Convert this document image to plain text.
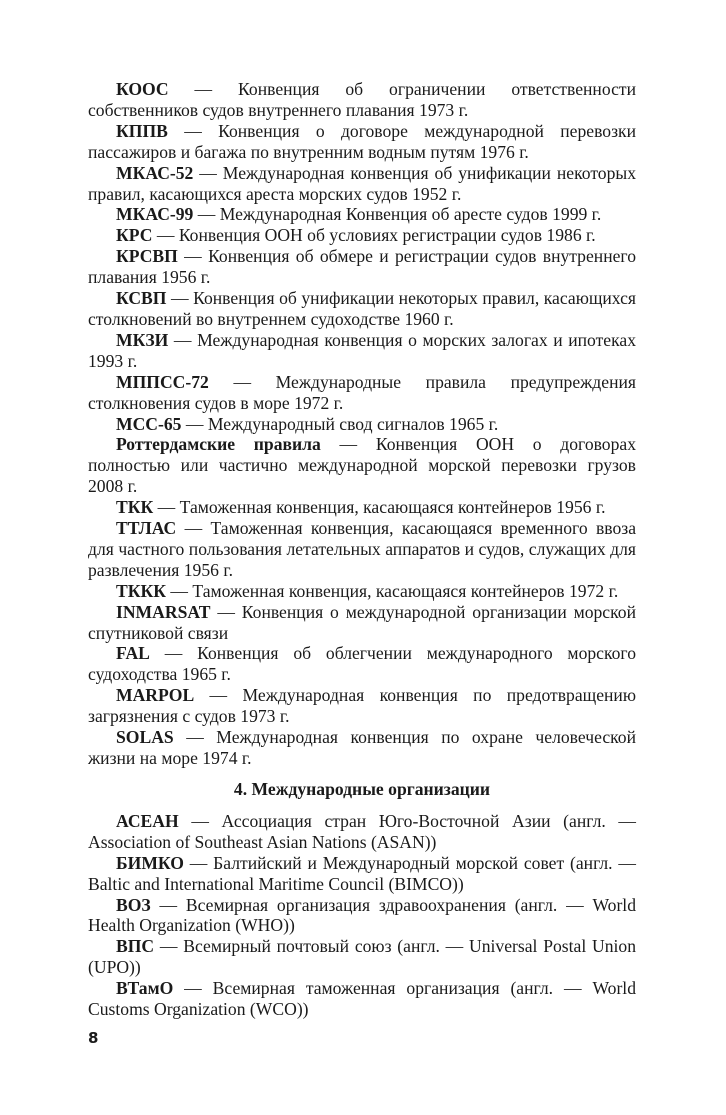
КООС — Конвенция об ограничении ответственности собственников судов внутреннего плавания 1973 г.

КППВ — Конвенция о договоре международной перевозки пассажиров и багажа по внутренним водным путям 1976 г.

МКАС-52 — Международная конвенция об унификации некоторых правил, касающихся ареста морских судов 1952 г.

МКАС-99 — Международная Конвенция об аресте судов 1999 г.

КРС — Конвенция ООН об условиях регистрации судов 1986 г.

КРСВП — Конвенция об обмере и регистрации судов внутреннего плавания 1956 г.

КСВП — Конвенция об унификации некоторых правил, касающихся столкновений во внутреннем судоходстве 1960 г.

МКЗИ — Международная конвенция о морских залогах и ипотеках 1993 г.

МППСС-72 — Международные правила предупреждения столкновения судов в море 1972 г.

МСС-65 — Международный свод сигналов 1965 г.

Роттердамские правила — Конвенция ООН о договорах полностью или частично международной морской перевозки грузов 2008 г.

ТКК — Таможенная конвенция, касающаяся контейнеров 1956 г.

ТТЛАС — Таможенная конвенция, касающаяся временного ввоза для частного пользования летательных аппаратов и судов, служащих для развлечения 1956 г.

ТККК — Таможенная конвенция, касающаяся контейнеров 1972 г.

INMARSAT — Конвенция о международной организации морской спутниковой связи

FAL — Конвенция об облегчении международного морского судоходства 1965 г.

MARPOL — Международная конвенция по предотвращению загрязнения с судов 1973 г.

SOLAS — Международная конвенция по охране человеческой жизни на море 1974 г.

4. Международные организации

АСЕАН — Ассоциация стран Юго-Восточной Азии (англ. — Association of Southeast Asian Nations (ASAN))

БИМКО — Балтийский и Международный морской совет (англ. — Baltic and International Maritime Council (BIMCO))

ВОЗ — Всемирная организация здравоохранения (англ. — World Health Organization (WHO))

ВПС — Всемирный почтовый союз (англ. — Universal Postal Union (UPO))

ВТамО — Всемирная таможенная организация (англ. — World Customs Organization (WCO))

8
